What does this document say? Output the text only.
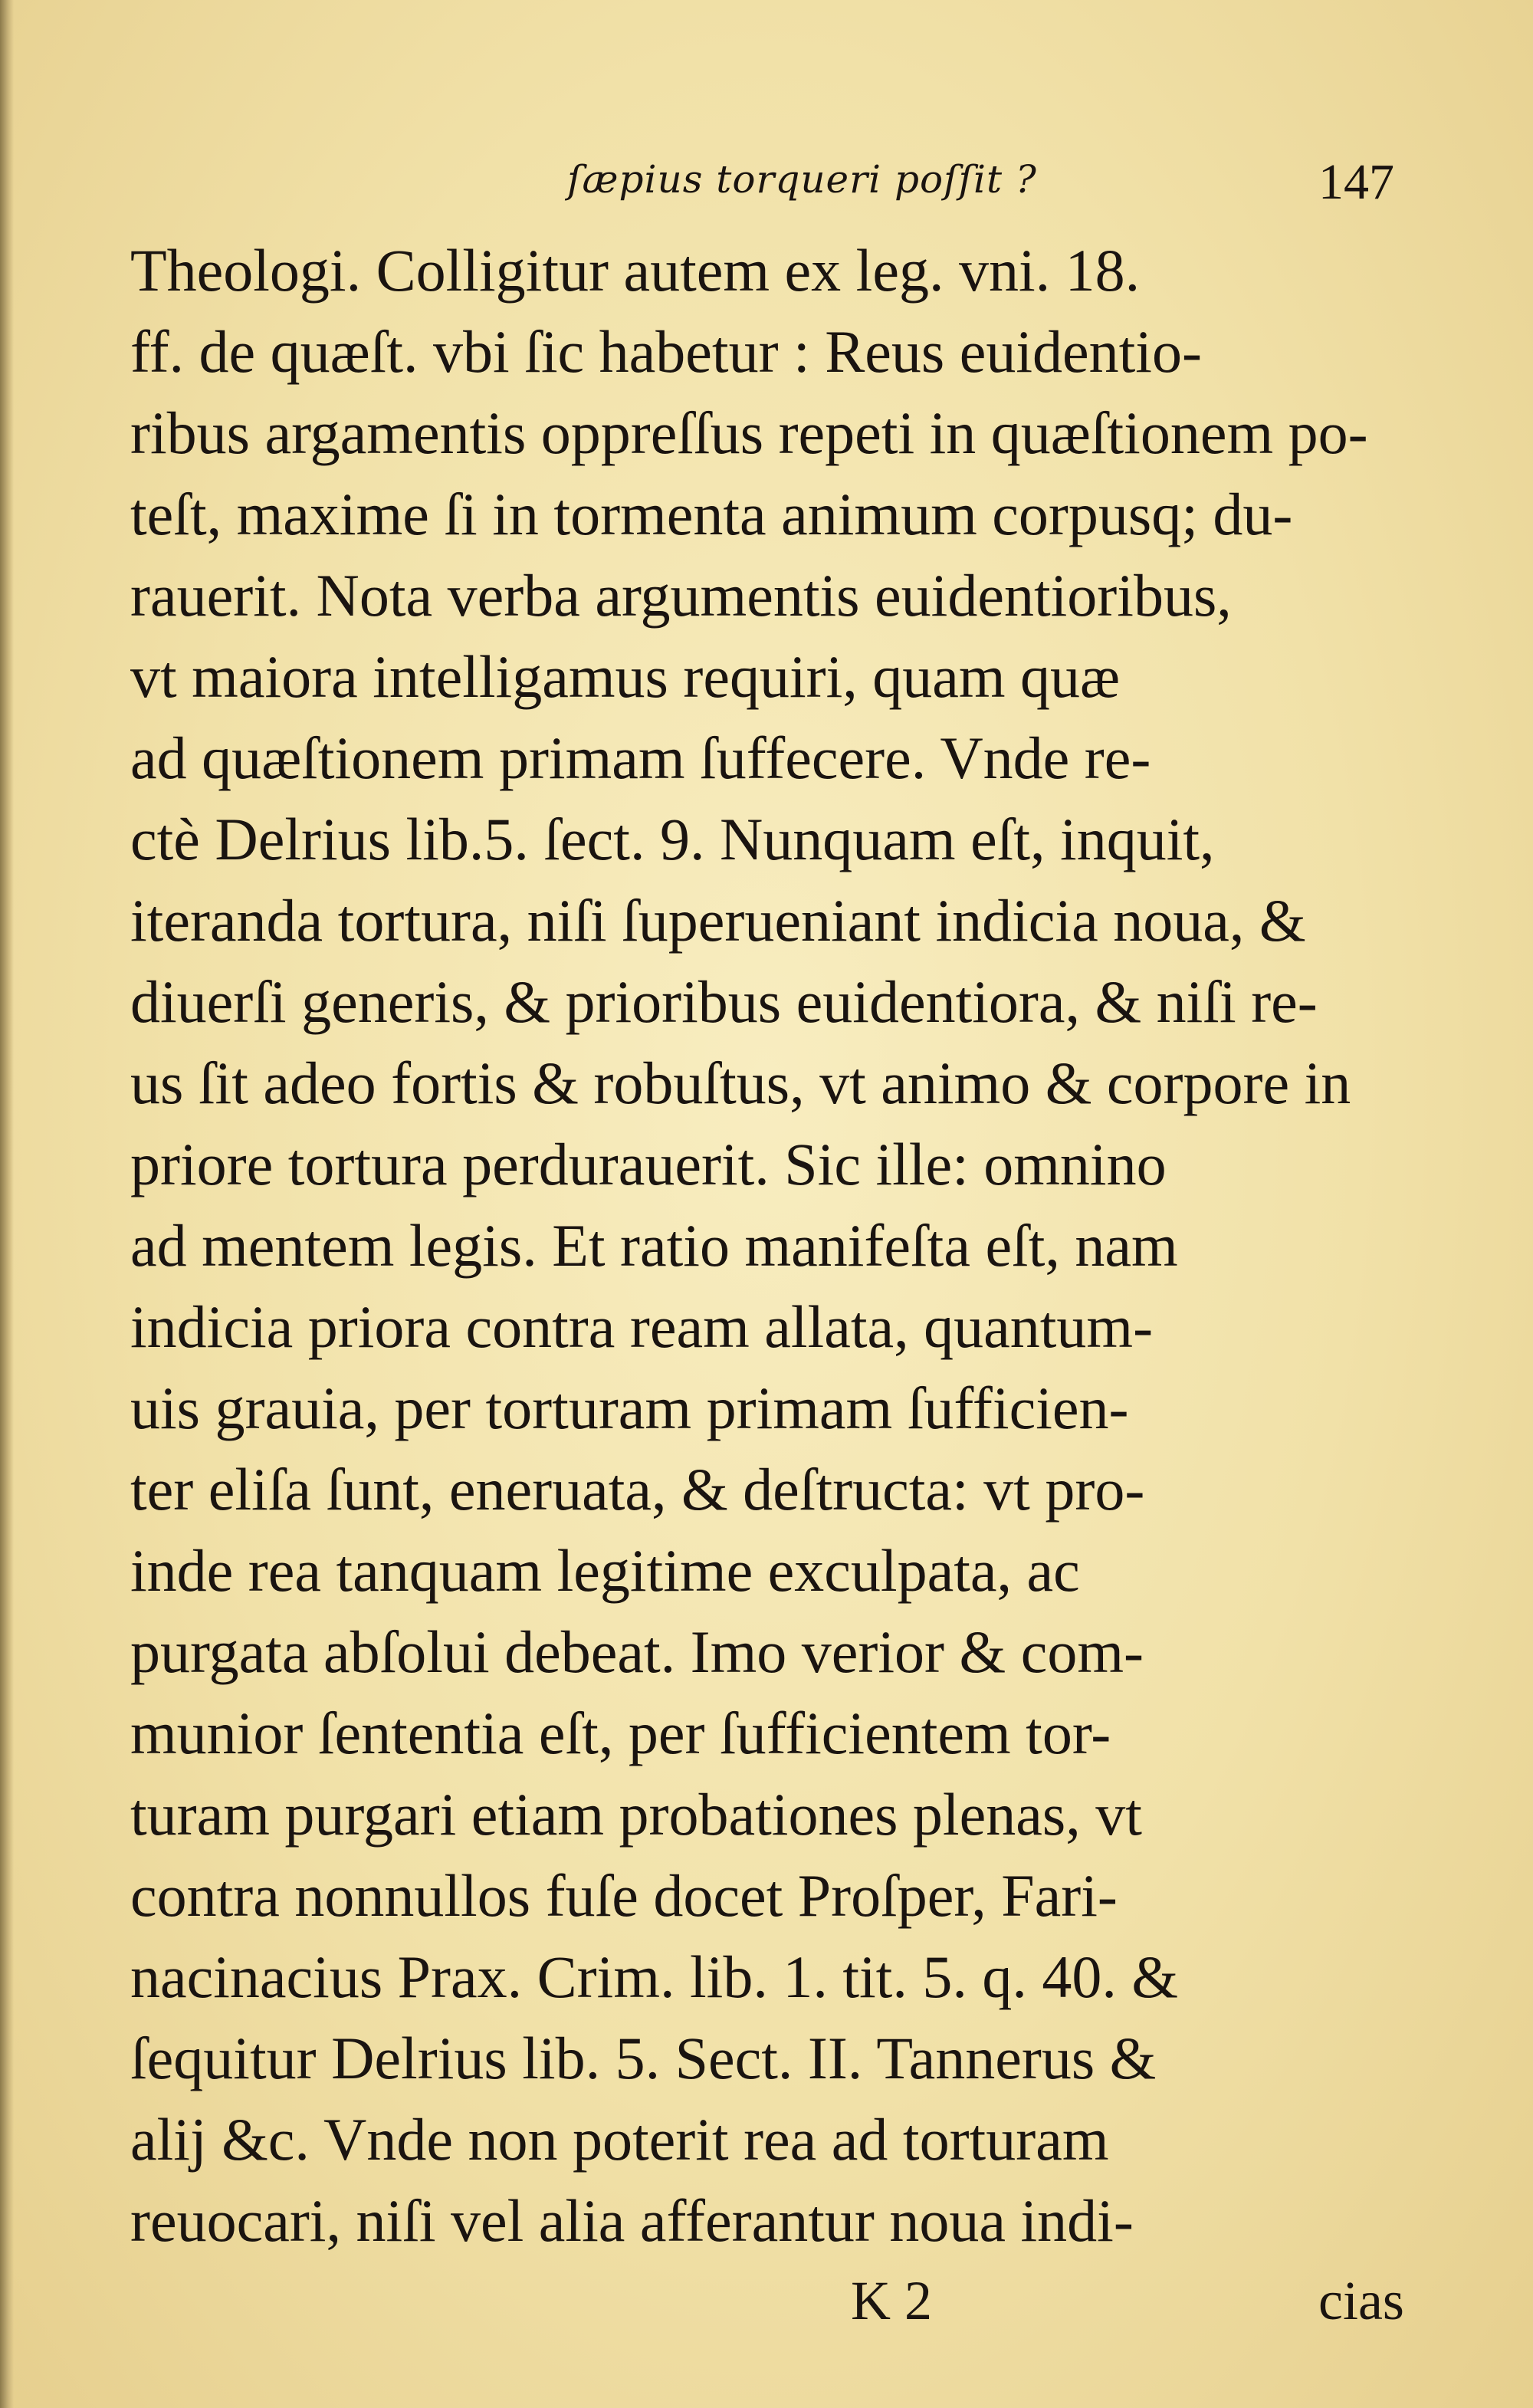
ſæpius torqueri poſſit ?	147
Theologi. Colligitur autem ex leg. vni. 18.
ff. de quæſt. vbi ſic habetur : Reus euidentio-
ribus argamentis oppreſſus repeti in quæſtionem po-
teſt, maxime ſi in tormenta animum corpusq; du-
rauerit. Nota verba argumentis euidentioribus,
vt maiora intelligamus requiri, quam quæ
ad quæſtionem primam ſuffecere. Vnde re-
ctè Delrius lib.5. ſect. 9. Nunquam eſt, inquit,
iteranda tortura, niſi ſuperueniant indicia noua, &
diuerſi generis, & prioribus euidentiora, & niſi re-
us ſit adeo fortis & robuſtus, vt animo & corpore in
priore tortura perdurauerit. Sic ille: omnino
ad mentem legis. Et ratio manifeſta eſt, nam
indicia priora contra ream allata, quantum-
uis grauia, per torturam primam ſufficien-
ter eliſa ſunt, eneruata, & deſtructa: vt pro-
inde rea tanquam legitime exculpata, ac
purgata abſolui debeat. Imo verior & com-
munior ſententia eſt, per ſufficientem tor-
turam purgari etiam probationes plenas, vt
contra nonnullos fuſe docet Proſper, Fari-
nacinacius Prax. Crim. lib. 1. tit. 5. q. 40. &
ſequitur Delrius lib. 5. Sect. II. Tannerus &
alij &c. Vnde non poterit rea ad torturam
reuocari, niſi vel alia afferantur noua indi-
K 2	cias
